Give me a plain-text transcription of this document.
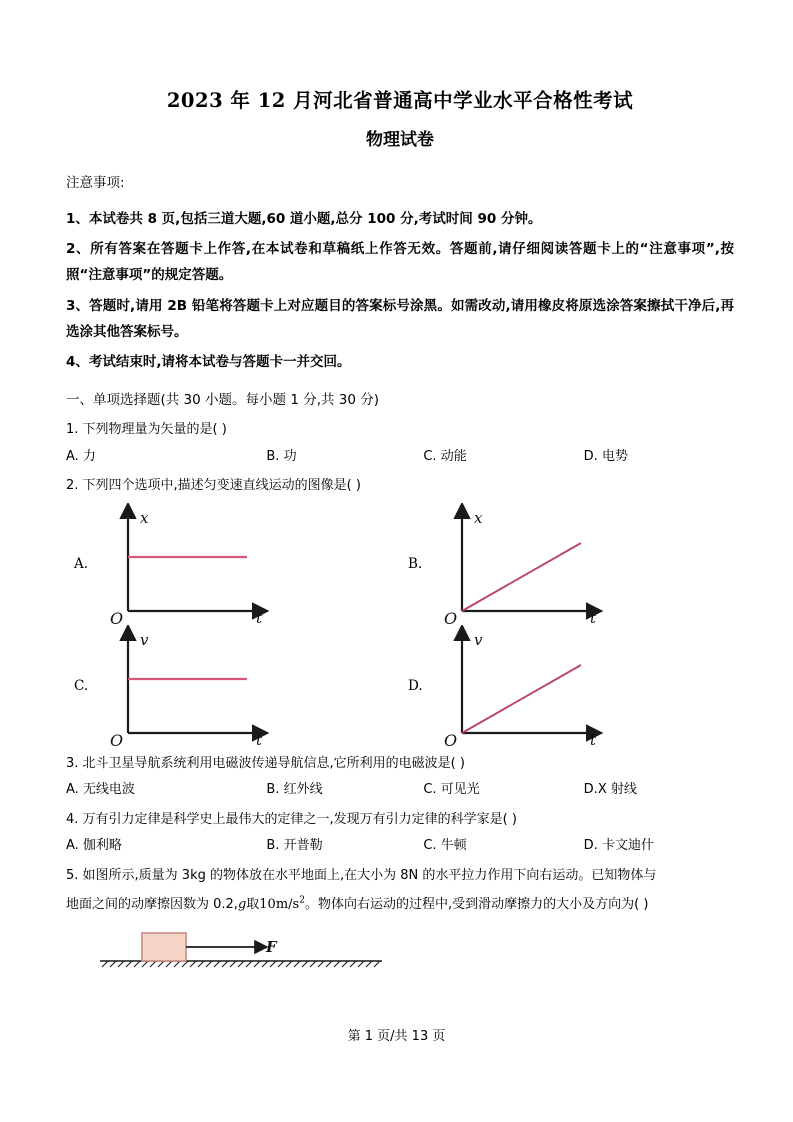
2023 年 12 月河北省普通高中学业水平合格性考试
物理试卷

注意事项:

1、本试卷共 8 页,包括三道大题,60 道小题,总分 100 分,考试时间 90 分钟。

2、所有答案在答题卡上作答,在本试卷和草稿纸上作答无效。答题前,请仔细阅读答题卡上的“注意事项”,按照“注意事项”的规定答题。

3、答题时,请用 2B 铅笔将答题卡上对应题目的答案标号涂黑。如需改动,请用橡皮将原选涂答案擦拭干净后,再选涂其他答案标号。

4、考试结束时,请将本试卷与答题卡一并交回。

一、单项选择题(共 30 小题。每小题 1 分,共 30 分)

1. 下列物理量为矢量的是( )

A. 力	B. 功	C. 动能	D. 电势

2. 下列四个选项中,描述匀变速直线运动的图像是( )

A.
x
t
O
B.
x
t
O
C.
v
t
O
D.
v
t
O

3. 北斗卫星导航系统利用电磁波传递导航信息,它所利用的电磁波是( )

A. 无线电波	B. 红外线	C. 可见光	D.X 射线

4. 万有引力定律是科学史上最伟大的定律之一,发现万有引力定律的科学家是( )

A. 伽利略	B. 开普勒	C. 牛顿	D. 卡文迪什

5. 如图所示,质量为 3kg 的物体放在水平地面上,在大小为 8N 的水平拉力作用下向右运动。已知物体与

地面之间的动摩擦因数为 0.2,g取$10m/s^2$。物体向右运动的过程中,受到滑动摩擦力的大小及方向为( )

F
第 1 页/共 13 页
